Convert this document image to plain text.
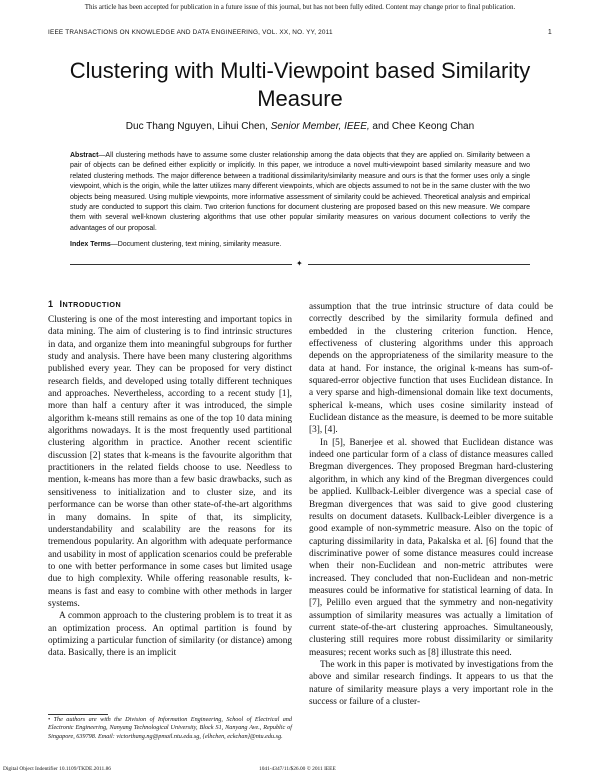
This article has been accepted for publication in a future issue of this journal, but has not been fully edited. Content may change prior to final publication.
IEEE TRANSACTIONS ON KNOWLEDGE AND DATA ENGINEERING, VOL. XX, NO. YY, 2011	1
Clustering with Multi-Viewpoint based Similarity Measure
Duc Thang Nguyen, Lihui Chen, Senior Member, IEEE, and Chee Keong Chan
Abstract—All clustering methods have to assume some cluster relationship among the data objects that they are applied on. Similarity between a pair of objects can be defined either explicitly or implicitly. In this paper, we introduce a novel multi-viewpoint based similarity measure and two related clustering methods. The major difference between a traditional dissimilarity/similarity measure and ours is that the former uses only a single viewpoint, which is the origin, while the latter utilizes many different viewpoints, which are objects assumed to not be in the same cluster with the two objects being measured. Using multiple viewpoints, more informative assessment of similarity could be achieved. Theoretical analysis and empirical study are conducted to support this claim. Two criterion functions for document clustering are proposed based on this new measure. We compare them with several well-known clustering algorithms that use other popular similarity measures on various document collections to verify the advantages of our proposal.
Index Terms—Document clustering, text mining, similarity measure.
✦
1 INTRODUCTION

Clustering is one of the most interesting and important topics in data mining. The aim of clustering is to find intrinsic structures in data, and organize them into meaningful subgroups for further study and analysis. There have been many clustering algorithms published every year. They can be proposed for very distinct research fields, and developed using totally different techniques and approaches. Nevertheless, according to a recent study [1], more than half a century after it was introduced, the simple algorithm k-means still remains as one of the top 10 data mining algorithms nowadays. It is the most frequently used partitional clustering algorithm in practice. Another recent scientific discussion [2] states that k-means is the favourite algorithm that practitioners in the related fields choose to use. Needless to mention, k-means has more than a few basic drawbacks, such as sensitiveness to initialization and to cluster size, and its performance can be worse than other state-of-the-art algorithms in many domains. In spite of that, its simplicity, understandability and scalability are the reasons for its tremendous popularity. An algorithm with adequate performance and usability in most of application scenarios could be preferable to one with better performance in some cases but limited usage due to high complexity. While offering reasonable results, k-means is fast and easy to combine with other methods in larger systems.

A common approach to the clustering problem is to treat it as an optimization process. An optimal partition is found by optimizing a particular function of similarity (or distance) among data. Basically, there is an implicit

• The authors are with the Division of Information Engineering, School of Electrical and Electronic Engineering, Nanyang Technological University, Block S1, Nanyang Ave., Republic of Singapore, 639798. Email: victorthang.ng@pmail.ntu.edu.sg, {elhchen, eckchan}@ntu.edu.sg.

assumption that the true intrinsic structure of data could be correctly described by the similarity formula defined and embedded in the clustering criterion function. Hence, effectiveness of clustering algorithms under this approach depends on the appropriateness of the similarity measure to the data at hand. For instance, the original k-means has sum-of-squared-error objective function that uses Euclidean distance. In a very sparse and high-dimensional domain like text documents, spherical k-means, which uses cosine similarity instead of Euclidean distance as the measure, is deemed to be more suitable [3], [4].

In [5], Banerjee et al. showed that Euclidean distance was indeed one particular form of a class of distance measures called Bregman divergences. They proposed Bregman hard-clustering algorithm, in which any kind of the Bregman divergences could be applied. Kullback-Leibler divergence was a special case of Bregman divergences that was said to give good clustering results on document datasets. Kullback-Leibler divergence is a good example of non-symmetric measure. Also on the topic of capturing dissimilarity in data, Pakalska et al. [6] found that the discriminative power of some distance measures could increase when their non-Euclidean and non-metric attributes were increased. They concluded that non-Euclidean and non-metric measures could be informative for statistical learning of data. In [7], Pelillo even argued that the symmetry and non-negativity assumption of similarity measures was actually a limitation of current state-of-the-art clustering approaches. Simultaneously, clustering still requires more robust dissimilarity or similarity measures; recent works such as [8] illustrate this need.

The work in this paper is motivated by investigations from the above and similar research findings. It appears to us that the nature of similarity measure plays a very important role in the success or failure of a cluster-

Digital Object Indentifier 10.1109/TKDE.2011.86	1041-4347/11/$26.00 © 2011 IEEE
